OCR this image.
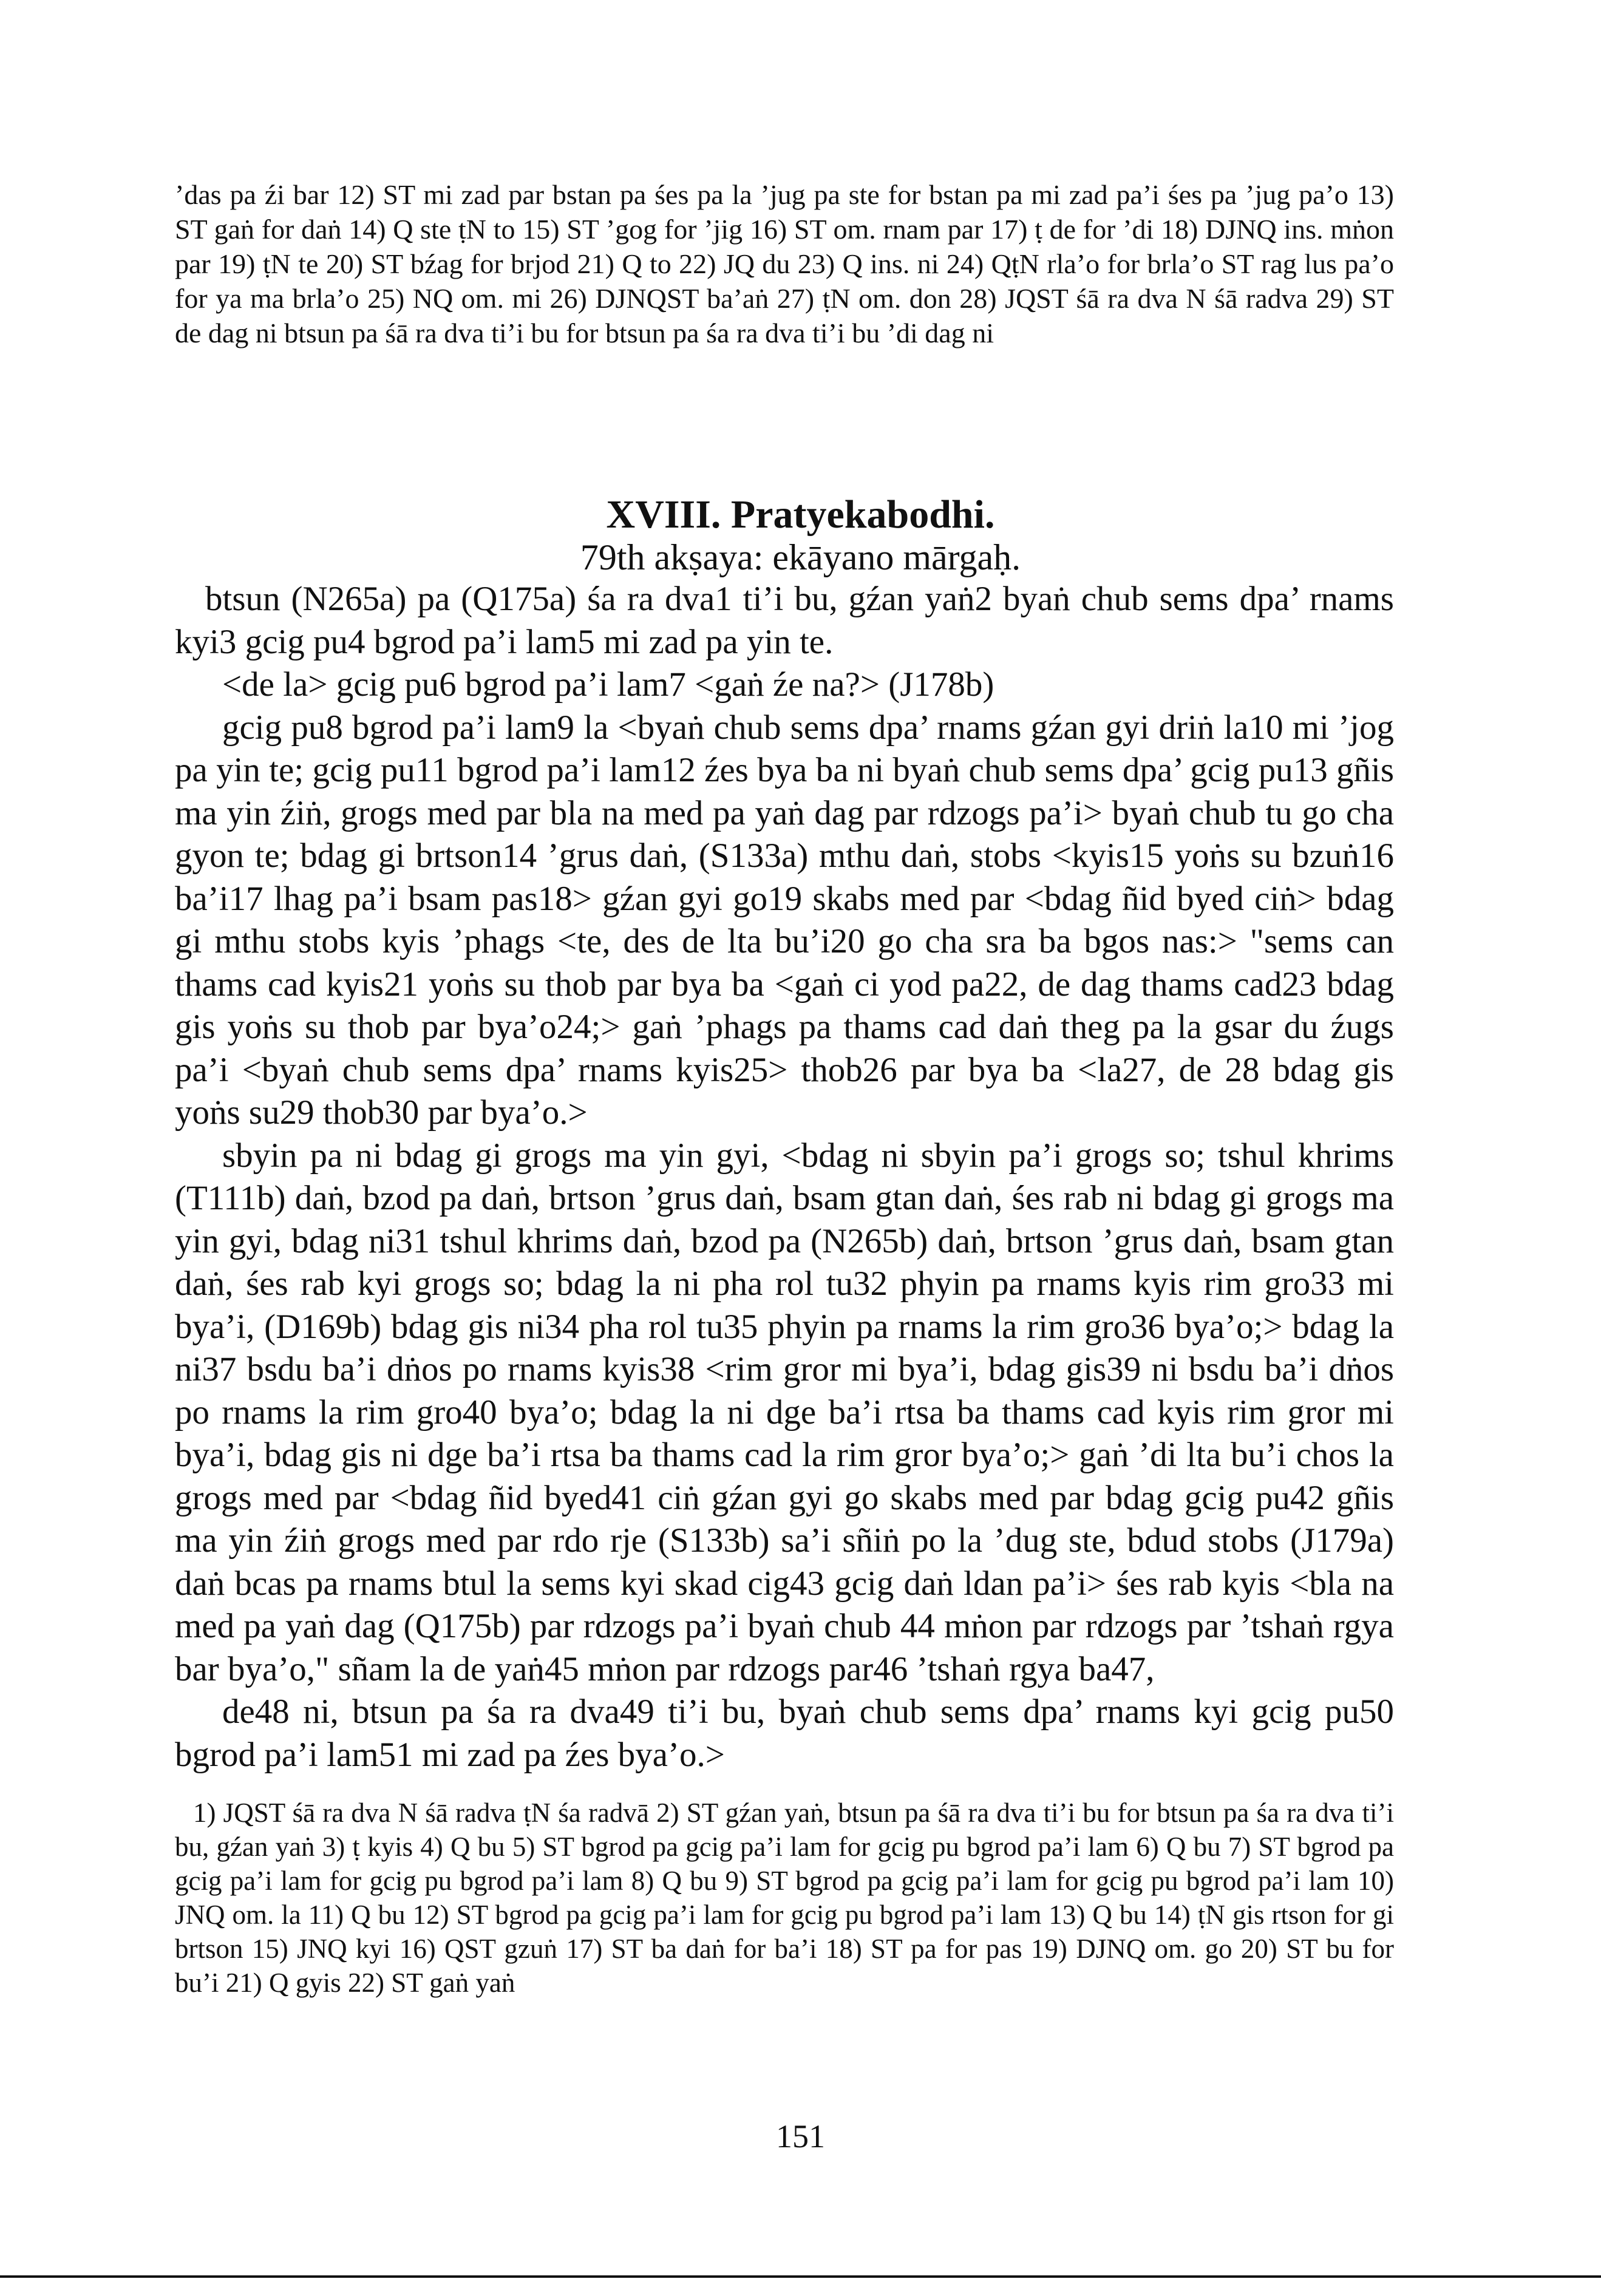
’das pa źi bar 12) ST mi zad par bstan pa śes pa la ’jug pa ste for bstan pa mi zad pa’i śes pa ’jug pa’o 13) ST gaṅ for daṅ 14) Q ste ṭN to 15) ST ’gog for ’jig 16) ST om. rnam par 17) ṭ de for ’di 18) DJNQ ins. mṅon par 19) ṭN te 20) ST bźag for brjod 21) Q to 22) JQ du 23) Q ins. ni 24) QṭN rla’o for brla’o ST rag lus pa’o for ya ma brla’o 25) NQ om. mi 26) DJNQST ba’aṅ 27) ṭN om. don 28) JQST śā ra dva N śā radva 29) ST de dag ni btsun pa śā ra dva ti’i bu for btsun pa śa ra dva ti’i bu ’di dag ni
XVIII. Pratyekabodhi.
79th akṣaya: ekāyano mārgaḥ.

btsun (N265a) pa (Q175a) śa ra dva1 ti’i bu, gźan yaṅ2 byaṅ chub sems dpa’ rnams kyi3 gcig pu4 bgrod pa’i lam5 mi zad pa yin te.

<de la> gcig pu6 bgrod pa’i lam7 <gaṅ źe na?> (J178b)

gcig pu8 bgrod pa’i lam9 la <byaṅ chub sems dpa’ rnams gźan gyi driṅ la10 mi ’jog pa yin te; gcig pu11 bgrod pa’i lam12 źes bya ba ni byaṅ chub sems dpa’ gcig pu13 gñis ma yin źiṅ, grogs med par bla na med pa yaṅ dag par rdzogs pa’i> byaṅ chub tu go cha gyon te; bdag gi brtson14 ’grus daṅ, (S133a) mthu daṅ, stobs <kyis15 yoṅs su bzuṅ16 ba’i17 lhag pa’i bsam pas18> gźan gyi go19 skabs med par <bdag ñid byed ciṅ> bdag gi mthu stobs kyis ’phags <te, des de lta bu’i20 go cha sra ba bgos nas:> "sems can thams cad kyis21 yoṅs su thob par bya ba <gaṅ ci yod pa22, de dag thams cad23 bdag gis yoṅs su thob par bya’o24;> gaṅ ’phags pa thams cad daṅ theg pa la gsar du źugs pa’i <byaṅ chub sems dpa’ rnams kyis25> thob26 par bya ba <la27, de 28 bdag gis yoṅs su29 thob30 par bya’o.>

sbyin pa ni bdag gi grogs ma yin gyi, <bdag ni sbyin pa’i grogs so; tshul khrims (T111b) daṅ, bzod pa daṅ, brtson ’grus daṅ, bsam gtan daṅ, śes rab ni bdag gi grogs ma yin gyi, bdag ni31 tshul khrims daṅ, bzod pa (N265b) daṅ, brtson ’grus daṅ, bsam gtan daṅ, śes rab kyi grogs so; bdag la ni pha rol tu32 phyin pa rnams kyis rim gro33 mi bya’i, (D169b) bdag gis ni34 pha rol tu35 phyin pa rnams la rim gro36 bya’o;> bdag la ni37 bsdu ba’i dṅos po rnams kyis38 <rim gror mi bya’i, bdag gis39 ni bsdu ba’i dṅos po rnams la rim gro40 bya’o; bdag la ni dge ba’i rtsa ba thams cad kyis rim gror mi bya’i, bdag gis ni dge ba’i rtsa ba thams cad la rim gror bya’o;> gaṅ ’di lta bu’i chos la grogs med par <bdag ñid byed41 ciṅ gźan gyi go skabs med par bdag gcig pu42 gñis ma yin źiṅ grogs med par rdo rje (S133b) sa’i sñiṅ po la ’dug ste, bdud stobs (J179a) daṅ bcas pa rnams btul la sems kyi skad cig43 gcig daṅ ldan pa’i> śes rab kyis <bla na med pa yaṅ dag (Q175b) par rdzogs pa’i byaṅ chub 44 mṅon par rdzogs par ’tshaṅ rgya bar bya’o," sñam la de yaṅ45 mṅon par rdzogs par46 ’tshaṅ rgya ba47,

de48 ni, btsun pa śa ra dva49 ti’i bu, byaṅ chub sems dpa’ rnams kyi gcig pu50 bgrod pa’i lam51 mi zad pa źes bya’o.>

1) JQST śā ra dva N śā radva ṭN śa radvā 2) ST gźan yaṅ, btsun pa śā ra dva ti’i bu for btsun pa śa ra dva ti’i bu, gźan yaṅ 3) ṭ kyis 4) Q bu 5) ST bgrod pa gcig pa’i lam for gcig pu bgrod pa’i lam 6) Q bu 7) ST bgrod pa gcig pa’i lam for gcig pu bgrod pa’i lam 8) Q bu 9) ST bgrod pa gcig pa’i lam for gcig pu bgrod pa’i lam 10) JNQ om. la 11) Q bu 12) ST bgrod pa gcig pa’i lam for gcig pu bgrod pa’i lam 13) Q bu 14) ṭN gis rtson for gi brtson 15) JNQ kyi 16) QST gzuṅ 17) ST ba daṅ for ba’i 18) ST pa for pas 19) DJNQ om. go 20) ST bu for bu’i 21) Q gyis 22) ST gaṅ yaṅ

151
